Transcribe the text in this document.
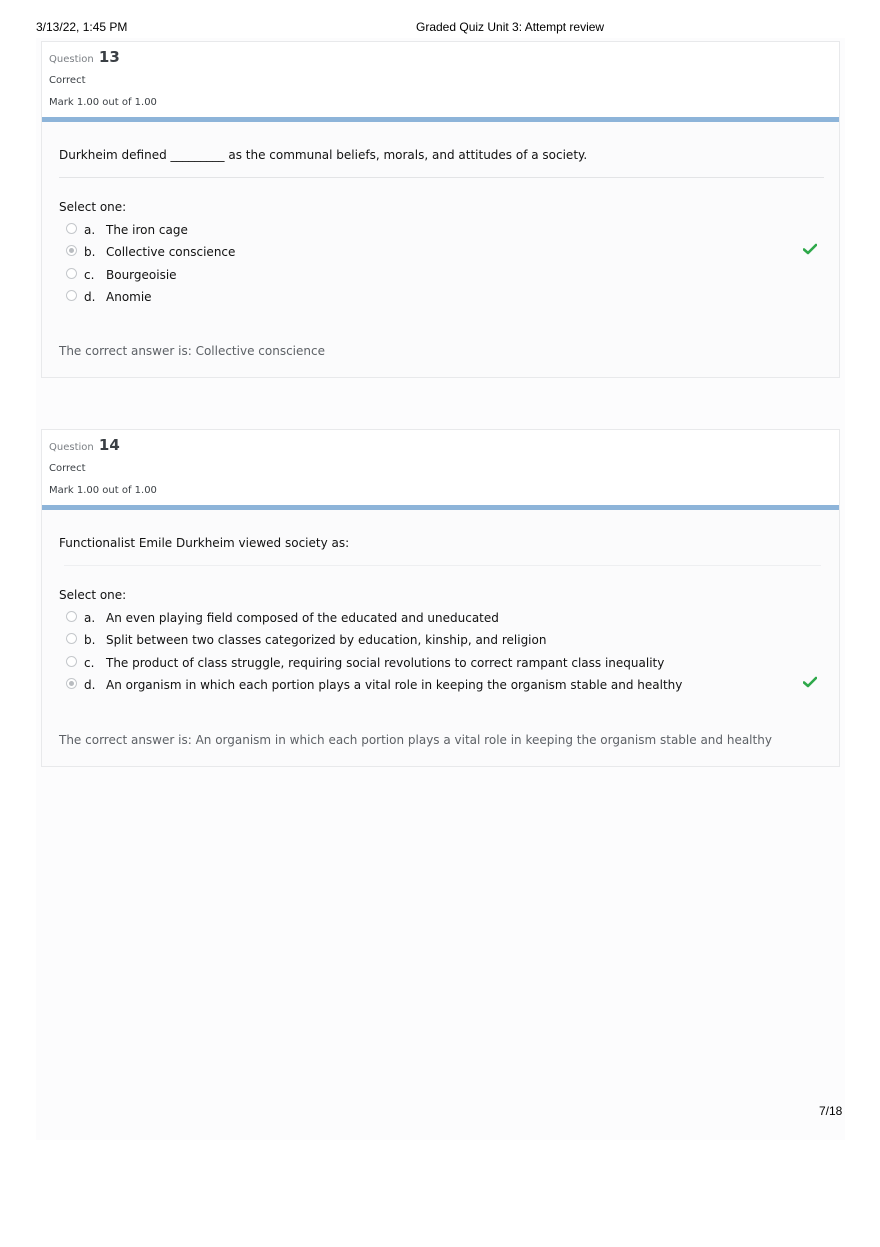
3/13/22, 1:45 PM	Graded Quiz Unit 3: Attempt review
Question 13
Correct
Mark 1.00 out of 1.00
Durkheim defined _________ as the communal beliefs, morals, and attitudes of a society.
Select one:
a. The iron cage
b. Collective conscience
c. Bourgeoisie
d. Anomie
The correct answer is: Collective conscience
Question 14
Correct
Mark 1.00 out of 1.00
Functionalist Emile Durkheim viewed society as:
Select one:
a. An even playing field composed of the educated and uneducated
b. Split between two classes categorized by education, kinship, and religion
c. The product of class struggle, requiring social revolutions to correct rampant class inequality
d. An organism in which each portion plays a vital role in keeping the organism stable and healthy
The correct answer is: An organism in which each portion plays a vital role in keeping the organism stable and healthy
7/18
